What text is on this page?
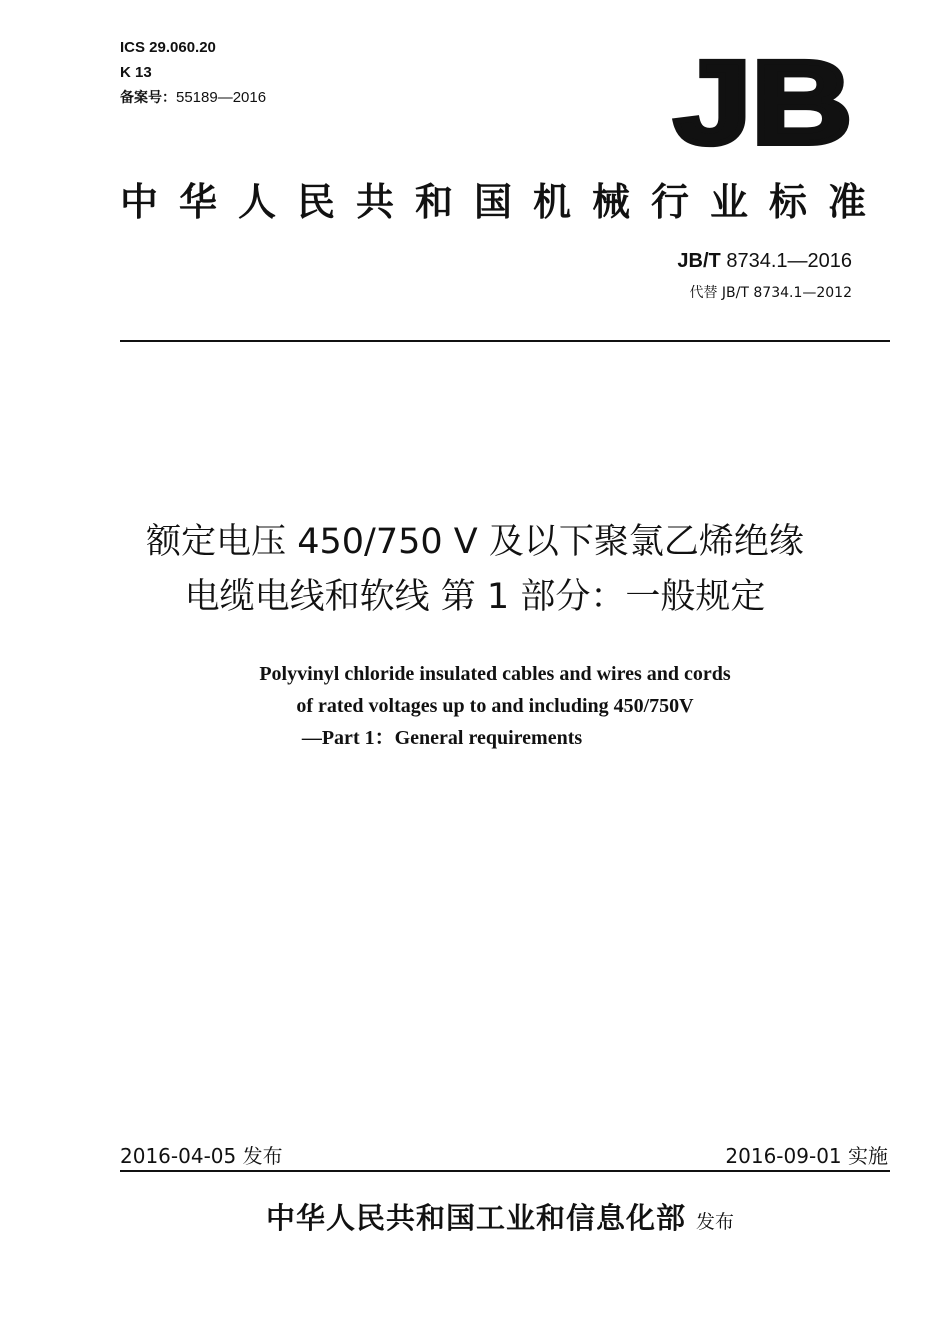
ICS 29.060.20
K 13
备案号：55189—2016	JB
中华人民共和国机械行业标准
JB/T 8734.1—2016
代替 JB/T 8734.1—2012
额定电压 450/750 V 及以下聚氯乙烯绝缘
电缆电线和软线 第 1 部分：一般规定
Polyvinyl chloride insulated cables and wires and cords
of rated voltages up to and including 450/750V
—Part 1：General requirements
2016-04-05 发布	2016-09-01 实施
中华人民共和国工业和信息化部 发布
